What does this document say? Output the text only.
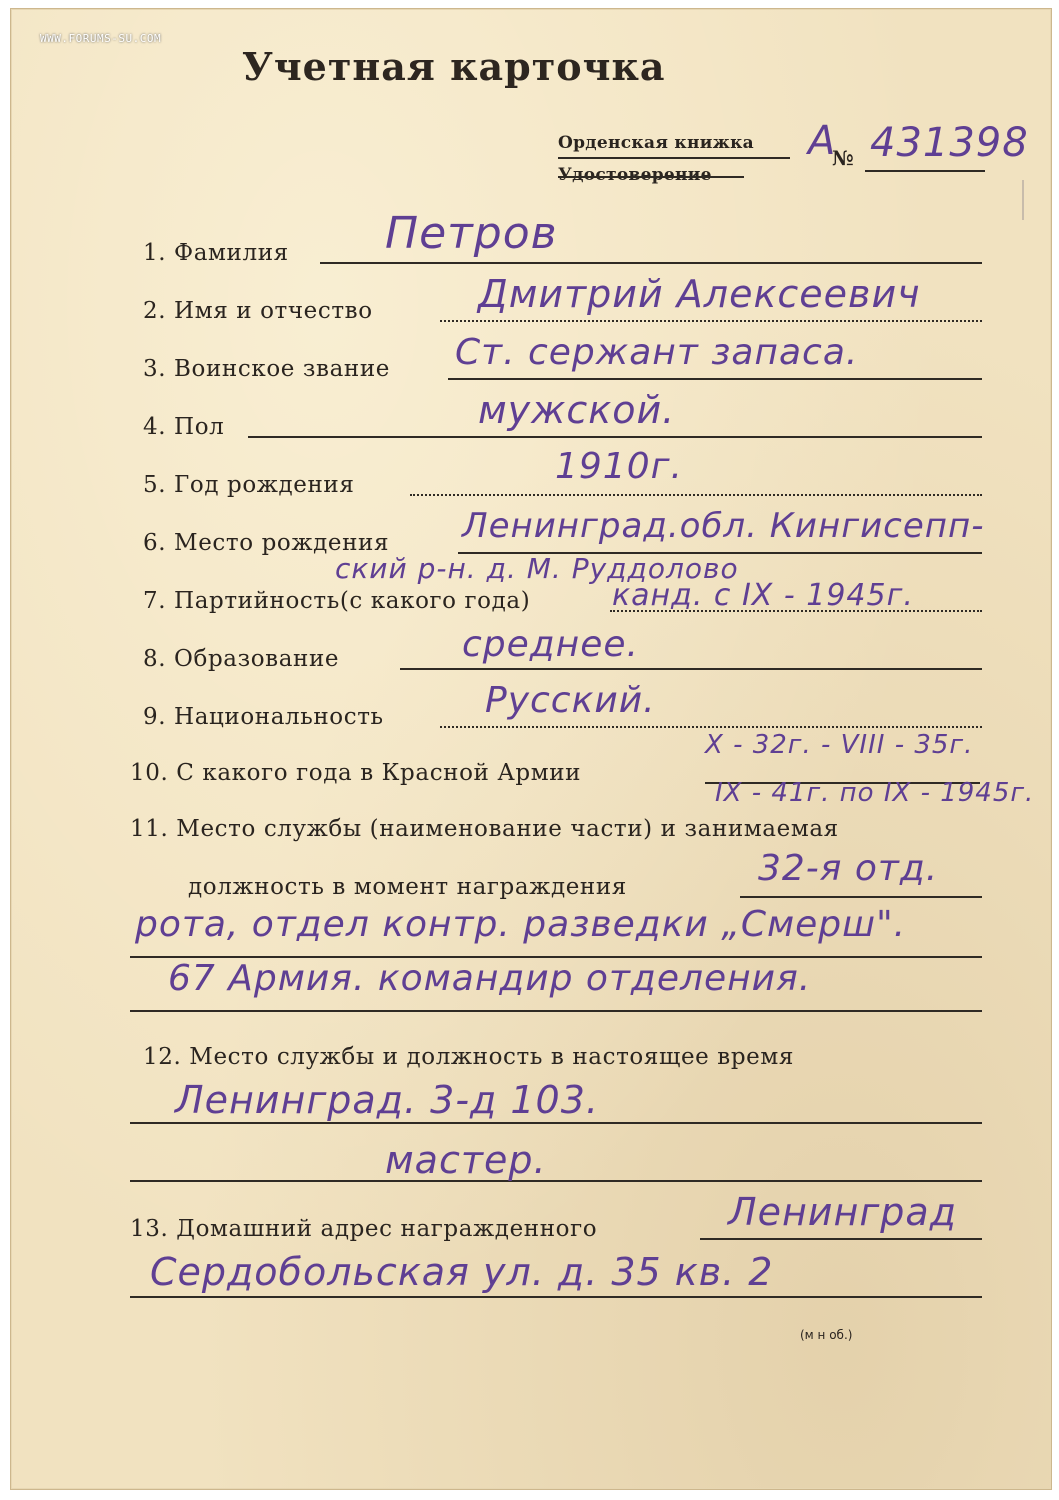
WWW.FORUMS-SU.COM
Учетная карточка
Орденская книжка
Удостоверение
А
№ 431398
1. Фамилия Петров
2. Имя и отчество	Дмитрий Алексеевич
3. Воинское звание Ст. сержант запаса.
4. Пол	мужской.
5. Год рождения	1910г.
6. Место рождения Ленинград.обл. Кингисепп-
ский р-н. д. М. Руддолово
7. Партийность(с какого года)	канд. с IX - 1945г.
8. Образование	среднее.
9. Национальность	Русский.
10. С какого года в Красной Армии
X - 32г. - VIII - 35г.
IX - 41г. по IX - 1945г.
11. Место службы (наименование части) и занимаемая
должность в момент награждения	32-я отд.
рота, отдел контр. разведки „Смерш".
67 Армия. командир отделения.
12. Место службы и должность в настоящее время
Ленинград. 3-д 103.
мастер.
13. Домашний адрес награжденного	Ленинград
Сердобольская ул. д. 35 кв. 2
(м н об.)
